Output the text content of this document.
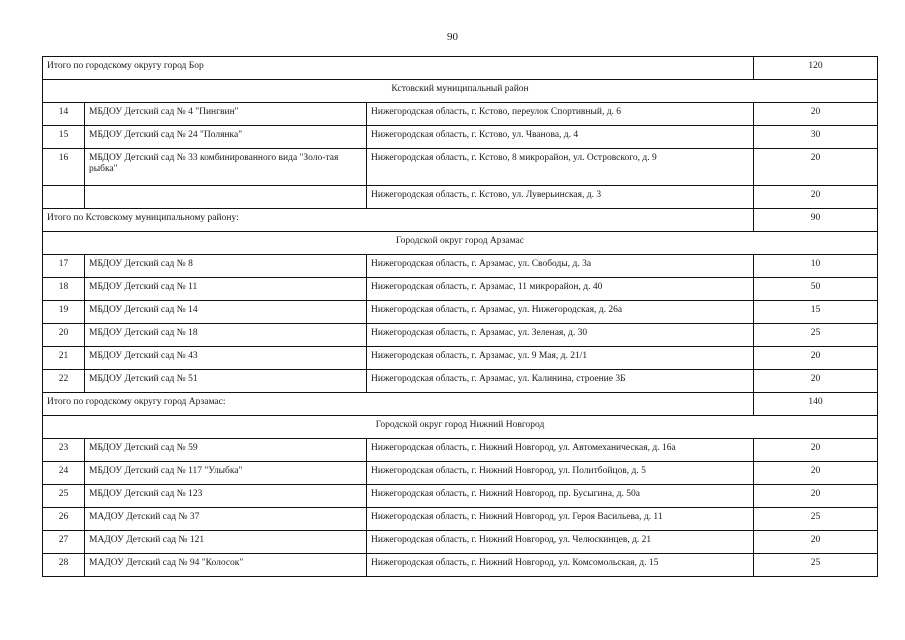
90
Итого по городскому округу город Бор			120
Кстовский муниципальный район			
14	МБДОУ Детский сад № 4 "Пингвин"	Нижегородская область, г. Кстово, переулок Спортивный, д. 6	20
15	МБДОУ Детский сад № 24 "Полянка"	Нижегородская область, г. Кстово, ул. Чванова, д. 4	30
16	МБДОУ Детский сад № 33 комбинированного вида "Золо-тая рыбка"	Нижегородская область, г. Кстово, 8 микрорайон, ул. Островского, д. 9	20
		Нижегородская область, г. Кстово, ул. Луверьинская, д. 3	20
Итого по Кстовскому муниципальному району:			90
Городской округ город Арзамас			
17	МБДОУ Детский сад № 8	Нижегородская область, г. Арзамас, ул. Свободы, д. 3а	10
18	МБДОУ Детский сад № 11	Нижегородская область, г. Арзамас, 11 микрорайон, д. 40	50
19	МБДОУ Детский сад № 14	Нижегородская область, г. Арзамас, ул. Нижегородская, д. 26а	15
20	МБДОУ Детский сад № 18	Нижегородская область, г. Арзамас, ул. Зеленая, д. 30	25
21	МБДОУ Детский сад № 43	Нижегородская область, г. Арзамас, ул. 9 Мая, д. 21/1	20
22	МБДОУ Детский сад № 51	Нижегородская область, г. Арзамас, ул. Калинина, строение 3Б	20
Итого по городскому округу город Арзамас:			140
Городской округ город Нижний Новгород			
23	МБДОУ Детский сад № 59	Нижегородская область, г. Нижний Новгород, ул. Автомеханическая, д. 16а	20
24	МБДОУ Детский сад № 117 "Улыбка"	Нижегородская область, г. Нижний Новгород, ул. Политбойцов, д. 5	20
25	МБДОУ Детский сад № 123	Нижегородская область, г. Нижний Новгород, пр. Бусыгина, д. 50а	20
26	МАДОУ Детский сад № 37	Нижегородская область, г. Нижний Новгород, ул. Героя Васильева, д. 11	25
27	МАДОУ Детский сад № 121	Нижегородская область, г. Нижний Новгород, ул. Челюскинцев, д. 21	20
28	МАДОУ Детский сад № 94 "Колосок"	Нижегородская область, г. Нижний Новгород, ул. Комсомольская, д. 15	25
